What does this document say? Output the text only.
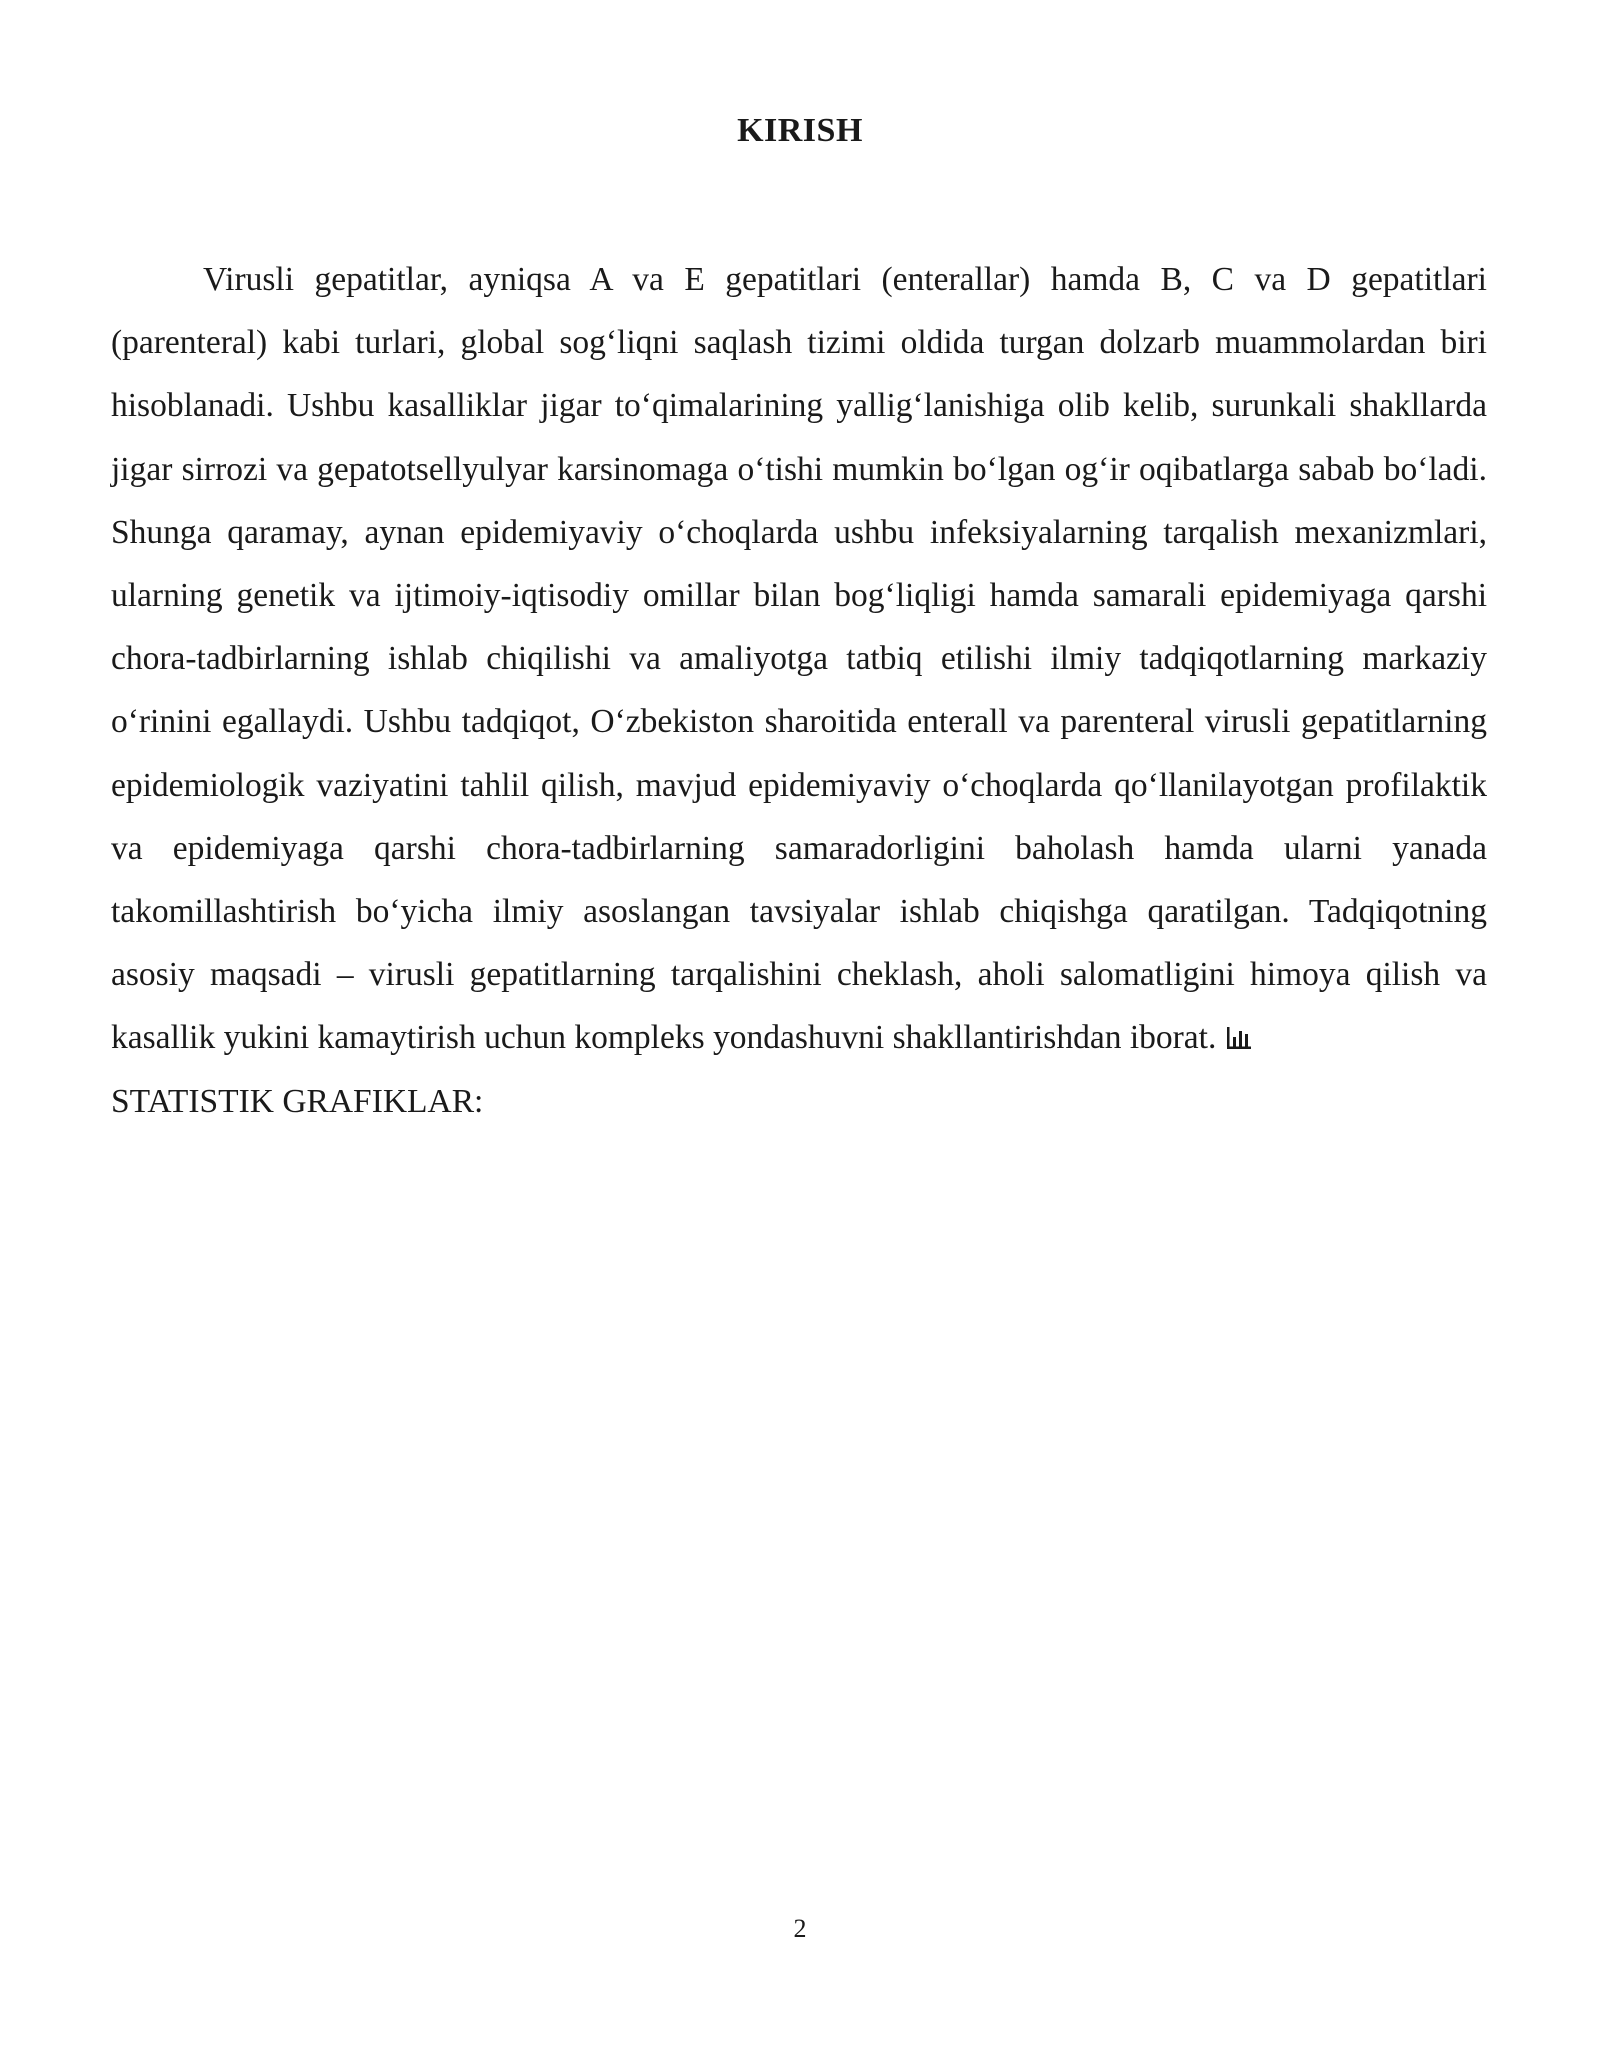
KIRISH

Virusli gepatitlar, ayniqsa A va E gepatitlari (enterallar) hamda B, C va D gepatitlari (parenteral) kabi turlari, global sog‘liqni saqlash tizimi oldida turgan dolzarb muammolardan biri hisoblanadi. Ushbu kasalliklar jigar to‘qimalarining yallig‘lanishiga olib kelib, surunkali shakllarda jigar sirrozi va gepatotsellyulyar karsinomaga o‘tishi mumkin bo‘lgan og‘ir oqibatlarga sabab bo‘ladi. Shunga qaramay, aynan epidemiyaviy o‘choqlarda ushbu infeksiyalarning tarqalish mexanizmlari, ularning genetik va ijtimoiy-iqtisodiy omillar bilan bog‘liqligi hamda samarali epidemiyaga qarshi chora-tadbirlarning ishlab chiqilishi va amaliyotga tatbiq etilishi ilmiy tadqiqotlarning markaziy o‘rinini egallaydi. Ushbu tadqiqot, O‘zbekiston sharoitida enterall va parenteral virusli gepatitlarning epidemiologik vaziyatini tahlil qilish, mavjud epidemiyaviy o‘choqlarda qo‘llanilayotgan profilaktik va epidemiyaga qarshi chora-tadbirlarning samaradorligini baholash hamda ularni yanada takomillashtirish bo‘yicha ilmiy asoslangan tavsiyalar ishlab chiqishga qaratilgan. Tadqiqotning asosiy maqsadi – virusli gepatitlarning tarqalishini cheklash, aholi salomatligini himoya qilish va kasallik yukini kamaytirish uchun kompleks yondashuvni shakllantirishdan iborat.
STATISTIK GRAFIKLAR:

2
